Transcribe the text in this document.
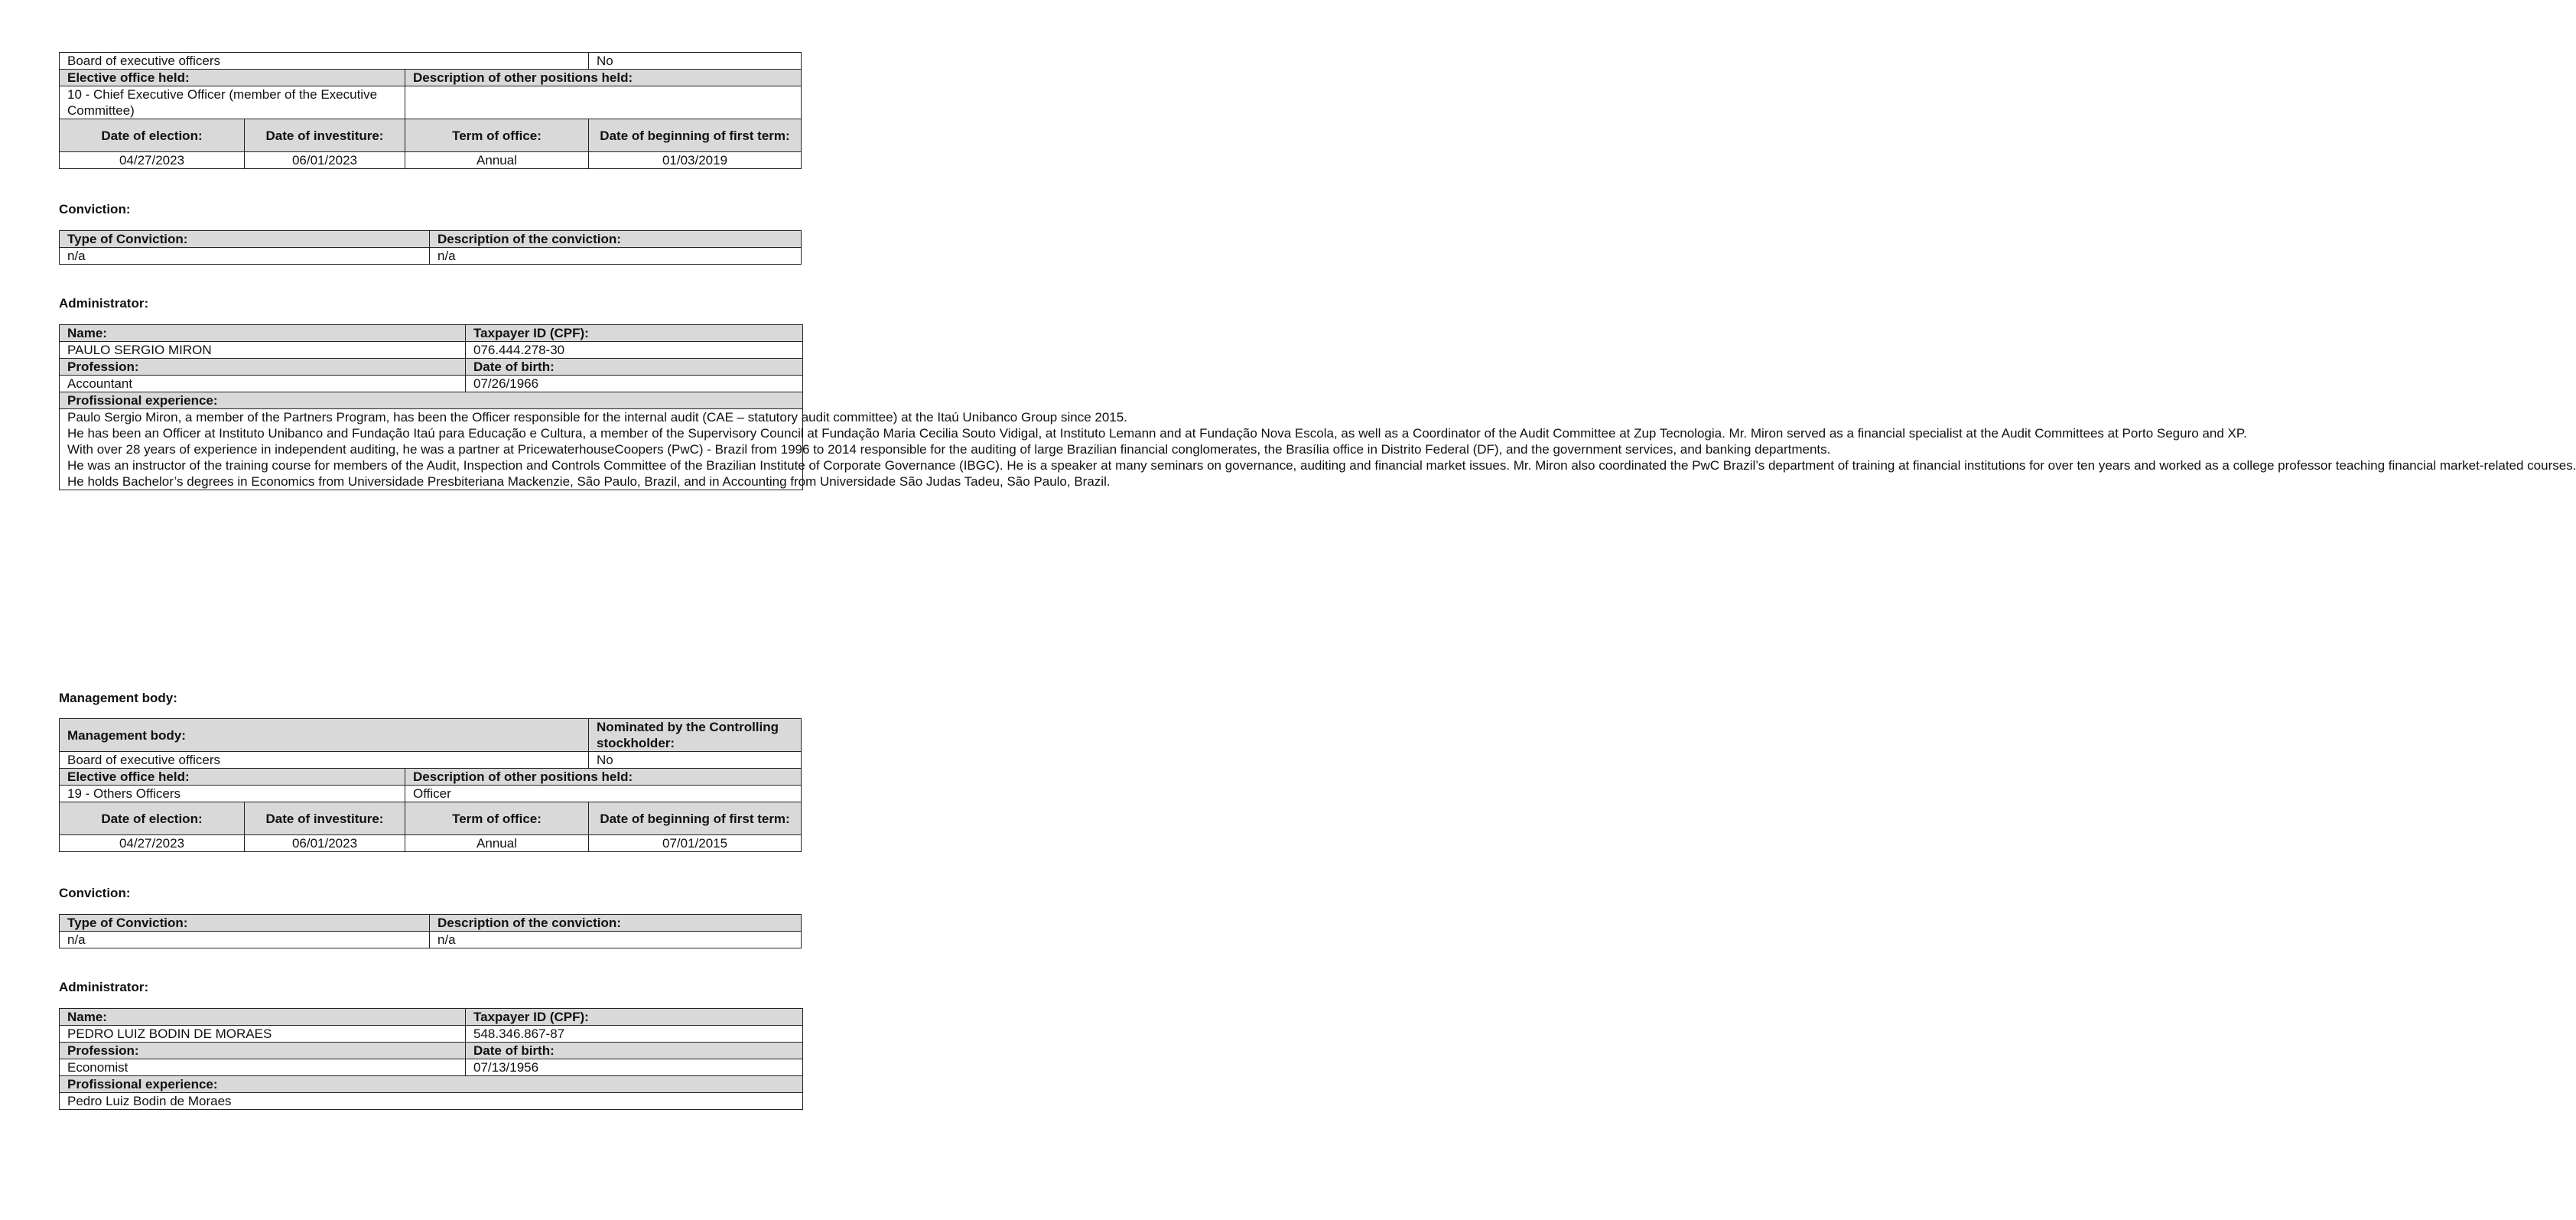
Board of executive officers			No
Elective office held:		Description of other positions held:	
10 - Chief Executive Officer (member of the Executive Committee)			
Date of election:	Date of investiture:	Term of office:	Date of beginning of first term:
04/27/2023	06/01/2023	Annual	01/03/2019
Conviction:
Type of Conviction:	Description of the conviction:
n/a	n/a
Administrator:
Name:	Taxpayer ID (CPF):
PAULO SERGIO MIRON	076.444.278-30
Profession:	Date of birth:
Accountant	07/26/1966
Profissional experience:	

Paulo Sergio Miron, a member of the Partners Program, has been the Officer responsible for the internal audit (CAE – statutory audit committee) at the Itaú Unibanco Group since 2015.

He has been an Officer at Instituto Unibanco and Fundação Itaú para Educação e Cultura, a member of the Supervisory Council at Fundação Maria Cecilia Souto Vidigal, at Instituto Lemann and at Fundação Nova Escola, as well as a Coordinator of the Audit Committee at Zup Tecnologia. Mr. Miron served as a financial specialist at the Audit Committees at Porto Seguro and XP.

With over 28 years of experience in independent auditing, he was a partner at PricewaterhouseCoopers (PwC) - Brazil from 1996 to 2014 responsible for the auditing of large Brazilian financial conglomerates, the Brasília office in Distrito Federal (DF), and the government services, and banking departments.

He was an instructor of the training course for members of the Audit, Inspection and Controls Committee of the Brazilian Institute of Corporate Governance (IBGC). He is a speaker at many seminars on governance, auditing and financial market issues. Mr. Miron also coordinated the PwC Brazil’s department of training at financial institutions for over ten years and worked as a college professor teaching financial market-related courses.

He holds Bachelor’s degrees in Economics from Universidade Presbiteriana Mackenzie, São Paulo, Brazil, and in Accounting from Universidade São Judas Tadeu, São Paulo, Brazil.	

Management body:
Management body:			Nominated by the Controlling stockholder:
Board of executive officers			No
Elective office held:		Description of other positions held:	
19 - Others Officers		Officer	
Date of election:	Date of investiture:	Term of office:	Date of beginning of first term:
04/27/2023	06/01/2023	Annual	07/01/2015
Conviction:
Type of Conviction:	Description of the conviction:
n/a	n/a
Administrator:
Name:	Taxpayer ID (CPF):
PEDRO LUIZ BODIN DE MORAES	548.346.867-87
Profession:	Date of birth:
Economist	07/13/1956
Profissional experience:	
Pedro Luiz Bodin de Moraes	
